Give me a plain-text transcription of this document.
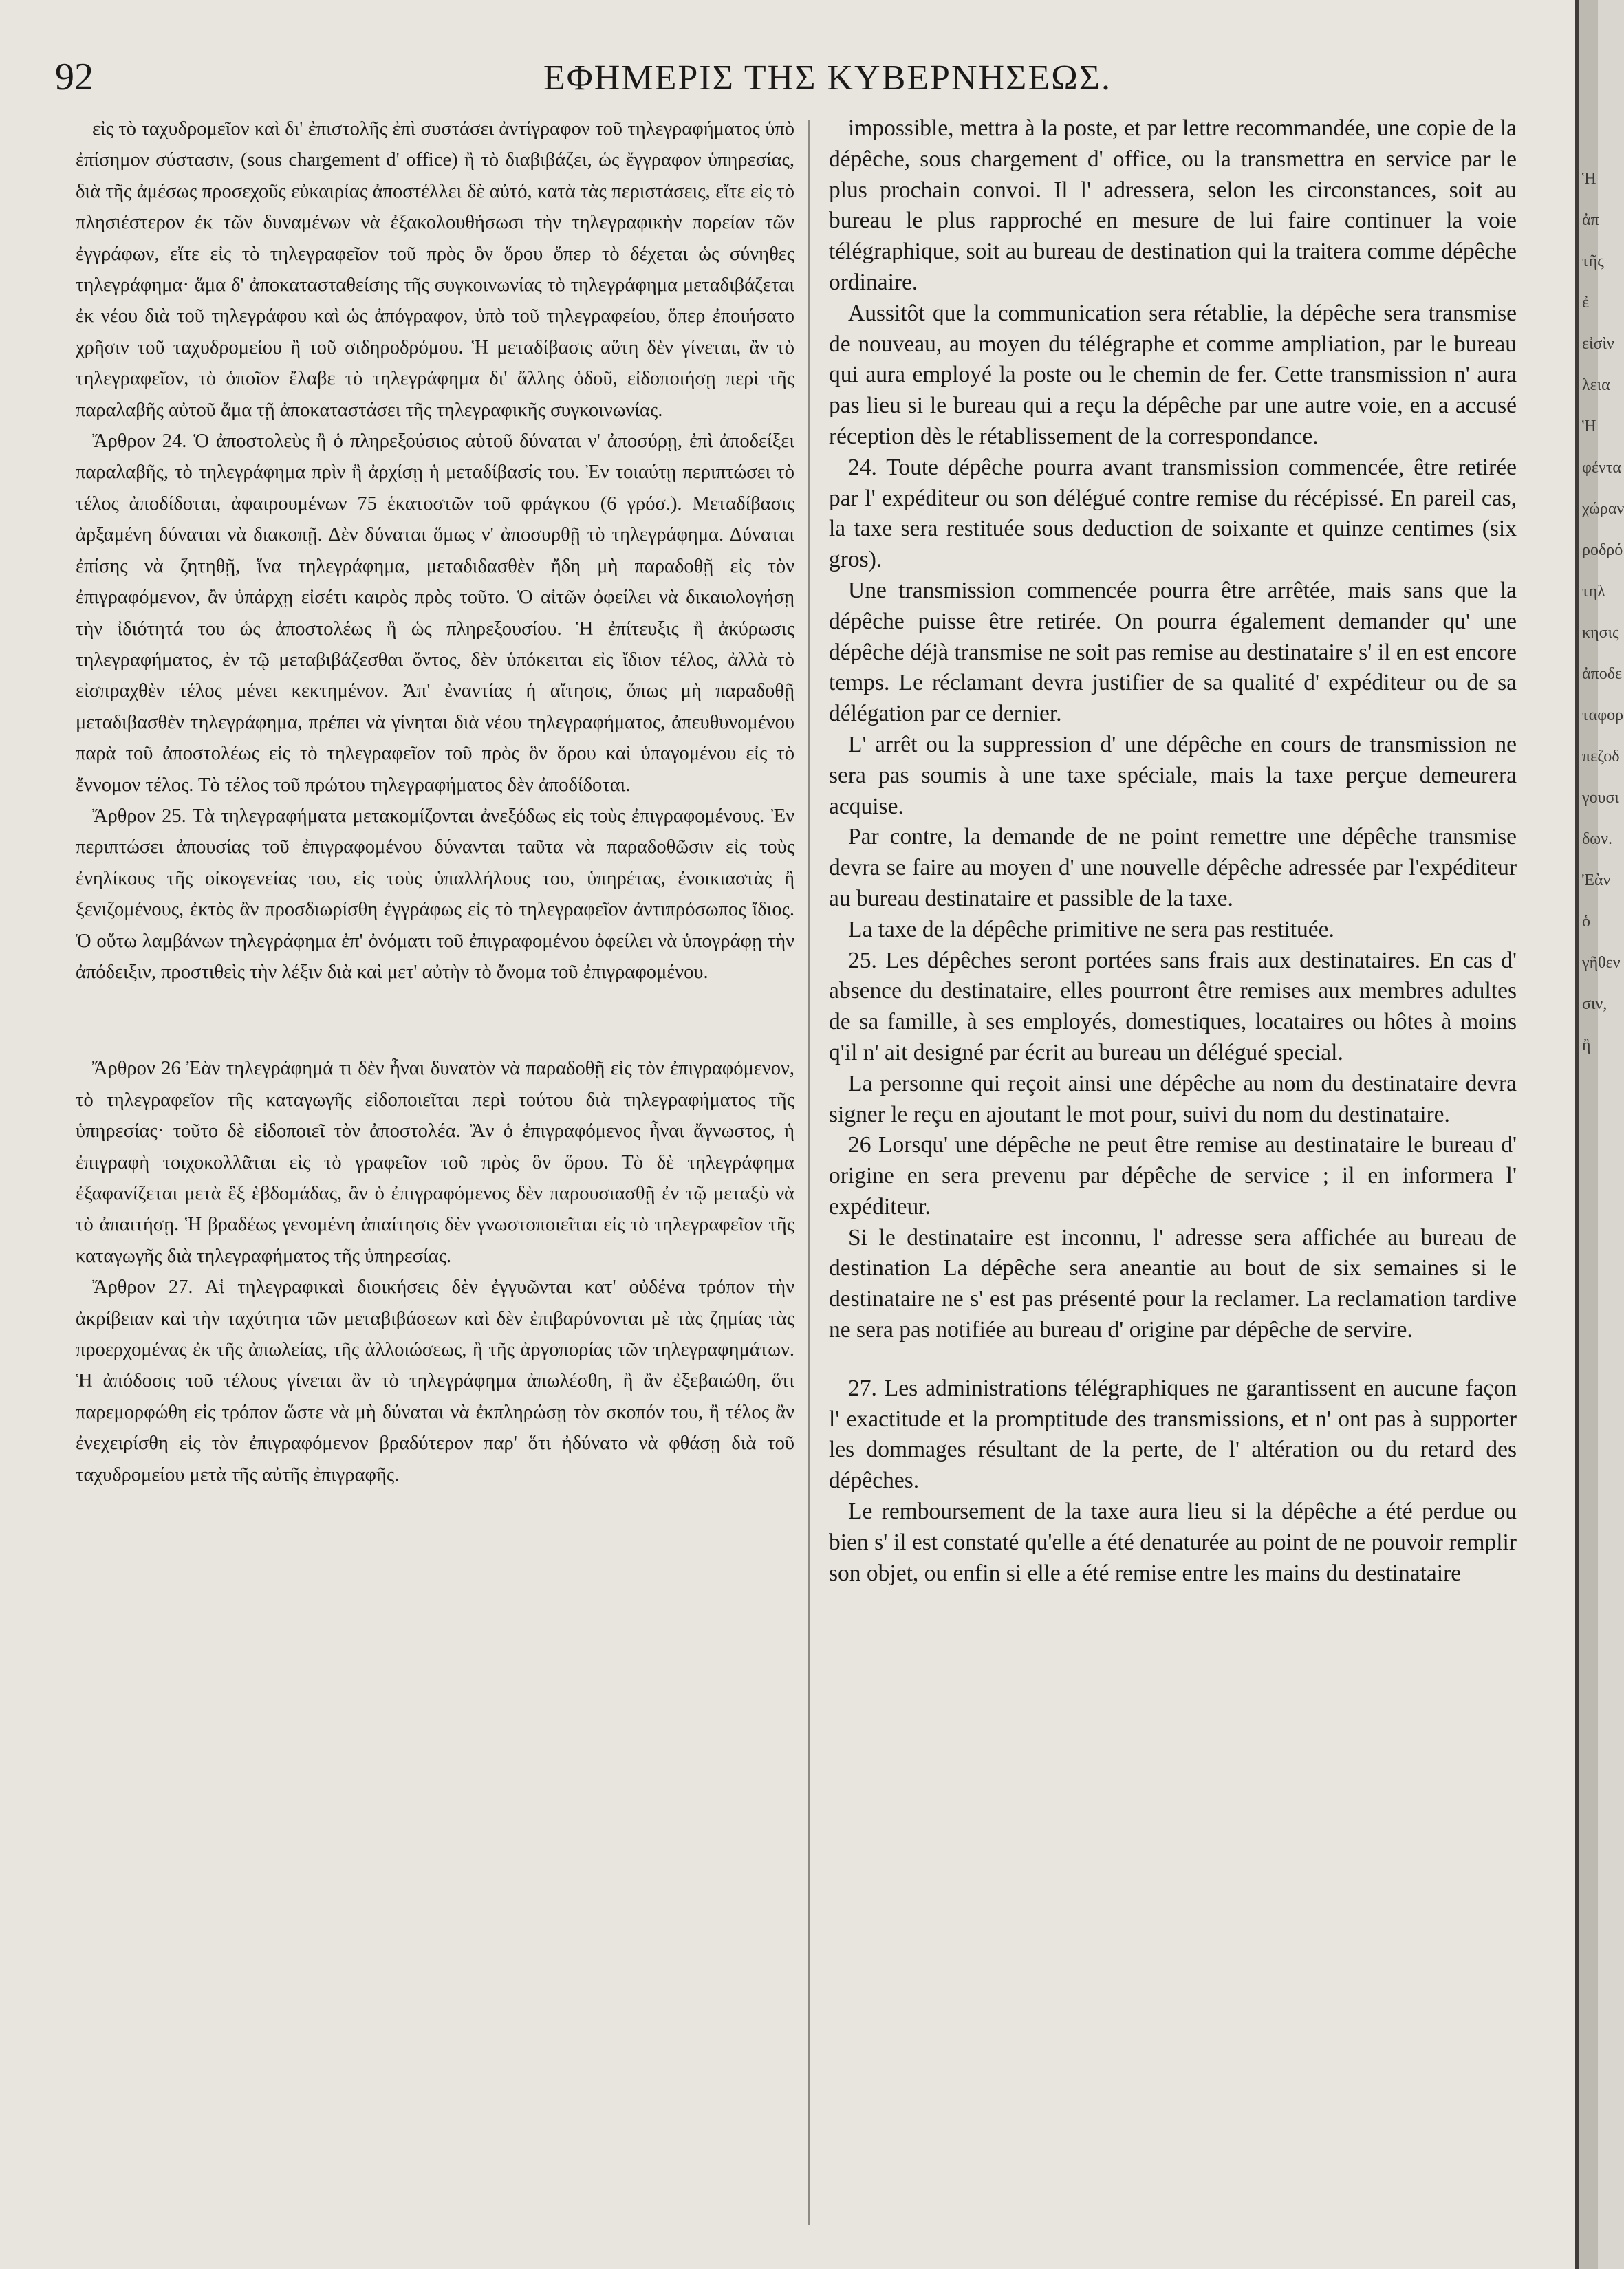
92	ΕΦΗΜΕΡΙΣ ΤΗΣ ΚΥΒΕΡΝΗΣΕΩΣ.

εἰς τὸ ταχυδρομεῖον καὶ δι' ἐπιστολῆς ἐπὶ συστάσει ἀντίγραφον τοῦ τηλεγραφήματος ὑπὸ ἐπίσημον σύστασιν, (sous chargement d' office) ἢ τὸ διαβιβάζει, ὡς ἔγγραφον ὑπηρεσίας, διὰ τῆς ἀμέσως προσεχοῦς εὐκαιρίας ἀποστέλλει δὲ αὐτό, κατὰ τὰς περιστάσεις, εἴτε εἰς τὸ πλησιέστερον ἐκ τῶν δυναμένων νὰ ἐξακολουθήσωσι τὴν τηλεγραφικὴν πορείαν τῶν ἐγγράφων, εἴτε εἰς τὸ τηλεγραφεῖον τοῦ πρὸς ὃν ὅρου ὅπερ τὸ δέχεται ὡς σύνηθες τηλεγράφημα· ἅμα δ' ἀποκατασταθείσης τῆς συγκοινωνίας τὸ τηλεγράφημα μεταδιβάζεται ἐκ νέου διὰ τοῦ τηλεγράφου καὶ ὡς ἀπόγραφον, ὑπὸ τοῦ τηλεγραφείου, ὅπερ ἐποιήσατο χρῆσιν τοῦ ταχυδρομείου ἢ τοῦ σιδηροδρόμου. Ἡ μεταδίβασις αὕτη δὲν γίνεται, ἂν τὸ τηλεγραφεῖον, τὸ ὁποῖον ἔλαβε τὸ τηλεγράφημα δι' ἄλλης ὁδοῦ, εἰδοποιήσῃ περὶ τῆς παραλαβῆς αὐτοῦ ἅμα τῇ ἀποκαταστάσει τῆς τηλεγραφικῆς συγκοινωνίας.

Ἄρθρον 24. Ὁ ἀποστολεὺς ἢ ὁ πληρεξούσιος αὐτοῦ δύναται ν' ἀποσύρῃ, ἐπὶ ἀποδείξει παραλαβῆς, τὸ τηλεγράφημα πρὶν ἢ ἀρχίσῃ ἡ μεταδίβασίς του. Ἐν τοιαύτῃ περιπτώσει τὸ τέλος ἀποδίδοται, ἀφαιρουμένων 75 ἑκατοστῶν τοῦ φράγκου (6 γρόσ.). Μεταδίβασις ἀρξαμένη δύναται νὰ διακοπῇ. Δὲν δύναται ὅμως ν' ἀποσυρθῇ τὸ τηλεγράφημα. Δύναται ἐπίσης νὰ ζητηθῇ, ἵνα τηλεγράφημα, μεταδιδασθὲν ἤδη μὴ παραδοθῇ εἰς τὸν ἐπιγραφόμενον, ἂν ὑπάρχῃ εἰσέτι καιρὸς πρὸς τοῦτο. Ὁ αἰτῶν ὀφείλει νὰ δικαιολογήσῃ τὴν ἰδιότητά του ὡς ἀποστολέως ἢ ὡς πληρεξουσίου. Ἡ ἐπίτευξις ἢ ἀκύρωσις τηλεγραφήματος, ἐν τῷ μεταβιβάζεσθαι ὄντος, δὲν ὑπόκειται εἰς ἴδιον τέλος, ἀλλὰ τὸ εἰσπραχθὲν τέλος μένει κεκτημένον. Ἀπ' ἐναντίας ἡ αἴτησις, ὅπως μὴ παραδοθῇ μεταδιβασθὲν τηλεγράφημα, πρέπει νὰ γίνηται διὰ νέου τηλεγραφήματος, ἀπευθυνομένου παρὰ τοῦ ἀποστολέως εἰς τὸ τηλεγραφεῖον τοῦ πρὸς ὃν ὅρου καὶ ὑπαγομένου εἰς τὸ ἔννομον τέλος. Τὸ τέλος τοῦ πρώτου τηλεγραφήματος δὲν ἀποδίδοται.

Ἄρθρον 25. Τὰ τηλεγραφήματα μετακομίζονται ἀνεξόδως εἰς τοὺς ἐπιγραφομένους. Ἐν περιπτώσει ἀπουσίας τοῦ ἐπιγραφομένου δύνανται ταῦτα νὰ παραδοθῶσιν εἰς τοὺς ἐνηλίκους τῆς οἰκογενείας του, εἰς τοὺς ὑπαλλήλους του, ὑπηρέτας, ἐνοικιαστὰς ἢ ξενιζομένους, ἐκτὸς ἂν προσδιωρίσθη ἐγγράφως εἰς τὸ τηλεγραφεῖον ἀντιπρόσωπος ἴδιος. Ὁ οὕτω λαμβάνων τηλεγράφημα ἐπ' ὀνόματι τοῦ ἐπιγραφομένου ὀφείλει νὰ ὑπογράφῃ τὴν ἀπόδειξιν, προστιθεὶς τὴν λέξιν διὰ καὶ μετ' αὐτὴν τὸ ὄνομα τοῦ ἐπιγραφομένου.

Ἄρθρον 26 Ἐὰν τηλεγράφημά τι δὲν ἦναι δυνατὸν νὰ παραδοθῇ εἰς τὸν ἐπιγραφόμενον, τὸ τηλεγραφεῖον τῆς καταγωγῆς εἰδοποιεῖται περὶ τούτου διὰ τηλεγραφήματος τῆς ὑπηρεσίας· τοῦτο δὲ εἰδοποιεῖ τὸν ἀποστολέα. Ἂν ὁ ἐπιγραφόμενος ἦναι ἄγνωστος, ἡ ἐπιγραφὴ τοιχοκολλᾶται εἰς τὸ γραφεῖον τοῦ πρὸς ὃν ὅρου. Τὸ δὲ τηλεγράφημα ἐξαφανίζεται μετὰ ἓξ ἑβδομάδας, ἂν ὁ ἐπιγραφόμενος δὲν παρουσιασθῇ ἐν τῷ μεταξὺ νὰ τὸ ἀπαιτήσῃ. Ἡ βραδέως γενομένη ἀπαίτησις δὲν γνωστοποιεῖται εἰς τὸ τηλεγραφεῖον τῆς καταγωγῆς διὰ τηλεγραφήματος τῆς ὑπηρεσίας.

Ἄρθρον 27. Αἱ τηλεγραφικαὶ διοικήσεις δὲν ἐγγυῶνται κατ' οὐδένα τρόπον τὴν ἀκρίβειαν καὶ τὴν ταχύτητα τῶν μεταβιβάσεων καὶ δὲν ἐπιβαρύνονται μὲ τὰς ζημίας τὰς προερχομένας ἐκ τῆς ἀπωλείας, τῆς ἀλλοιώσεως, ἢ τῆς ἀργοπορίας τῶν τηλεγραφημάτων. Ἡ ἀπόδοσις τοῦ τέλους γίνεται ἂν τὸ τηλεγράφημα ἀπωλέσθη, ἢ ἂν ἐξεβαιώθη, ὅτι παρεμορφώθη εἰς τρόπον ὥστε νὰ μὴ δύναται νὰ ἐκπληρώσῃ τὸν σκοπόν του, ἢ τέλος ἂν ἐνεχειρίσθη εἰς τὸν ἐπιγραφόμενον βραδύτερον παρ' ὅτι ἠδύνατο νὰ φθάσῃ διὰ τοῦ ταχυδρομείου μετὰ τῆς αὐτῆς ἐπιγραφῆς.

impossible, mettra à la poste, et par lettre recommandée, une copie de la dépêche, sous chargement d' office, ou la transmettra en service par le plus prochain convoi. Il l' adressera, selon les circonstances, soit au bureau le plus rapproché en mesure de lui faire continuer la voie télégraphique, soit au bureau de destination qui la traitera comme dépêche ordinaire.

Aussitôt que la communication sera rétablie, la dépêche sera transmise de nouveau, au moyen du télégraphe et comme ampliation, par le bureau qui aura employé la poste ou le chemin de fer. Cette transmission n' aura pas lieu si le bureau qui a reçu la dépêche par une autre voie, en a accusé réception dès le rétablissement de la correspondance.

24. Toute dépêche pourra avant transmission commencée, être retirée par l' expéditeur ou son délégué contre remise du récépissé. En pareil cas, la taxe sera restituée sous deduction de soixante et quinze centimes (six gros).

Une transmission commencée pourra être arrêtée, mais sans que la dépêche puisse être retirée. On pourra également demander qu' une dépêche déjà transmise ne soit pas remise au destinataire s' il en est encore temps. Le réclamant devra justifier de sa qualité d' expéditeur ou de sa délégation par ce dernier.

L' arrêt ou la suppression d' une dépêche en cours de transmission ne sera pas soumis à une taxe spéciale, mais la taxe perçue demeurera acquise.

Par contre, la demande de ne point remettre une dépêche transmise devra se faire au moyen d' une nouvelle dépêche adressée par l'expéditeur au bureau destinataire et passible de la taxe.

La taxe de la dépêche primitive ne sera pas restituée.

25. Les dépêches seront portées sans frais aux destinataires. En cas d' absence du destinataire, elles pourront être remises aux membres adultes de sa famille, à ses employés, domestiques, locataires ou hôtes à moins q'il n' ait designé par écrit au bureau un délégué special.

La personne qui reçoit ainsi une dépêche au nom du destinataire devra signer le reçu en ajoutant le mot pour, suivi du nom du destinataire.

26 Lorsqu' une dépêche ne peut être remise au destinataire le bureau d' origine en sera prevenu par dépêche de service ; il en informera l' expéditeur.

Si le destinataire est inconnu, l' adresse sera affichée au bureau de destination La dépêche sera aneantie au bout de six semaines si le destinataire ne s' est pas présenté pour la reclamer. La reclamation tardive ne sera pas notifiée au bureau d' origine par dépêche de servire.

27. Les administrations télégraphiques ne garantissent en aucune façon l' exactitude et la promptitude des transmissions, et n' ont pas à supporter les dommages résultant de la perte, de l' altération ou du retard des dépêches.

Le remboursement de la taxe aura lieu si la dépêche a été perdue ou bien s' il est constaté qu'elle a été denaturée au point de ne pouvoir remplir son objet, ou enfin si elle a été remise entre les mains du destinataire

Ἡ ἀπ
τῆς ἐ
εἰσὶν
λεια
Ἡ
φέντα
χώραν
ροδρό
τηλ
κησις
ἀποδε
ταφορ
πεζοδ
γουσι
δων.
Ἐὰν ὁ
γῆθεν
σιν, ἢ
